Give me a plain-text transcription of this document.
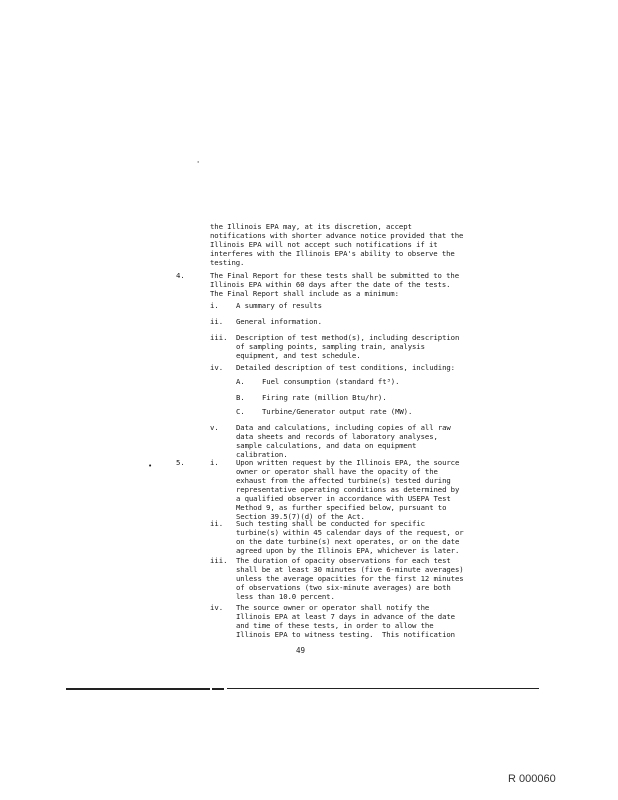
'
•
the Illinois EPA may, at its discretion, accept
notifications with shorter advance notice provided that the
Illinois EPA will not accept such notifications if it
interferes with the Illinois EPA's ability to observe the
testing.
4.	The Final Report for these tests shall be submitted to the
Illinois EPA within 60 days after the date of the tests.
The Final Report shall include as a minimum:
i. A summary of results
ii. General information.
iii. Description of test method(s), including description
of sampling points, sampling train, analysis
equipment, and test schedule.
iv. Detailed description of test conditions, including:
A. Fuel consumption (standard ft³).
B. Firing rate (million Btu/hr).
C. Turbine/Generator output rate (MW).
v. Data and calculations, including copies of all raw
data sheets and records of laboratory analyses,
sample calculations, and data on equipment
calibration.
5.	i. Upon written request by the Illinois EPA, the source
owner or operator shall have the opacity of the
exhaust from the affected turbine(s) tested during
representative operating conditions as determined by
a qualified observer in accordance with USEPA Test
Method 9, as further specified below, pursuant to
Section 39.5(7)(d) of the Act.
ii. Such testing shall be conducted for specific
turbine(s) within 45 calendar days of the request, or
on the date turbine(s) next operates, or on the date
agreed upon by the Illinois EPA, whichever is later.
iii. The duration of opacity observations for each test
shall be at least 30 minutes (five 6-minute averages)
unless the average opacities for the first 12 minutes
of observations (two six-minute averages) are both
less than 10.0 percent.
iv. The source owner or operator shall notify the
Illinois EPA at least 7 days in advance of the date
and time of these tests, in order to allow the
Illinois EPA to witness testing.  This notification
49
R 000060
